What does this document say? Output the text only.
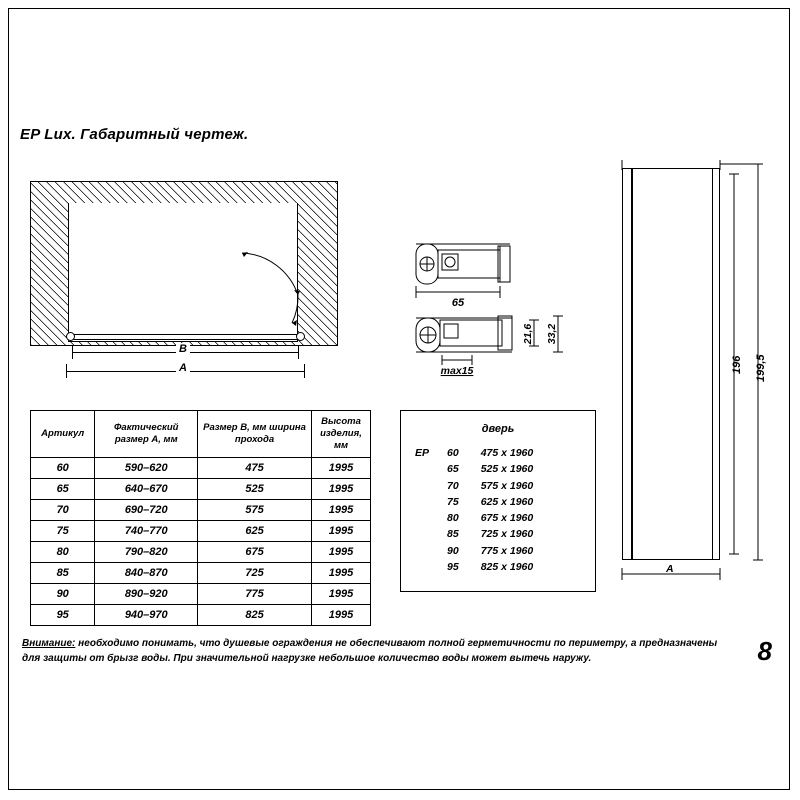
EP Lux. Габаритный чертеж.
B
A
65
max15
21,6 33,2
196 199,5
A
Артикул	Фактический размер А, мм	Размер В, мм ширина прохода	Высота изделия, мм
60	590–620	475	1995
65	640–670	525	1995
70	690–720	575	1995
75	740–770	625	1995
80	790–820	675	1995
85	840–870	725	1995
90	890–920	775	1995
95	940–970	825	1995
дверь
EP 60 475 x 1960
65 525 x 1960
70 575 x 1960
75 625 x 1960
80 675 x 1960
85 725 x 1960
90 775 x 1960
95 825 x 1960
Внимание: необходимо понимать, что душевые ограждения не обеспечивают полной герметичности по периметру, а предназначены для защиты от брызг воды. При значительной нагрузке небольшое количество воды может вытечь наружу.	8
